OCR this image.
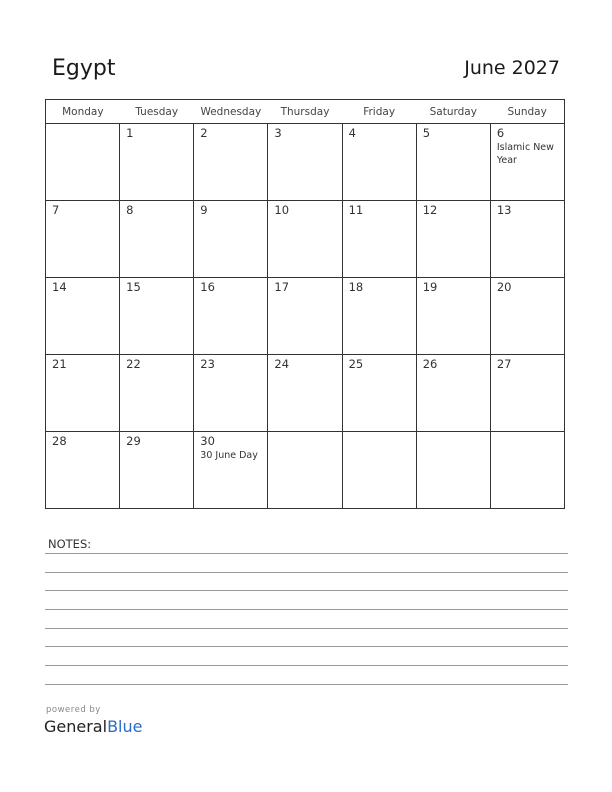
Egypt	June 2027
Monday	Tuesday	Wednesday	Thursday	Friday	Saturday	Sunday

	1	2	3	4	5	6
Islamic New Year

7	8	9	10	11	12	13

14	15	16	17	18	19	20

21	22	23	24	25	26	27

28	29	30
30 June Day				

NOTES:
powered by
GeneralBlue
